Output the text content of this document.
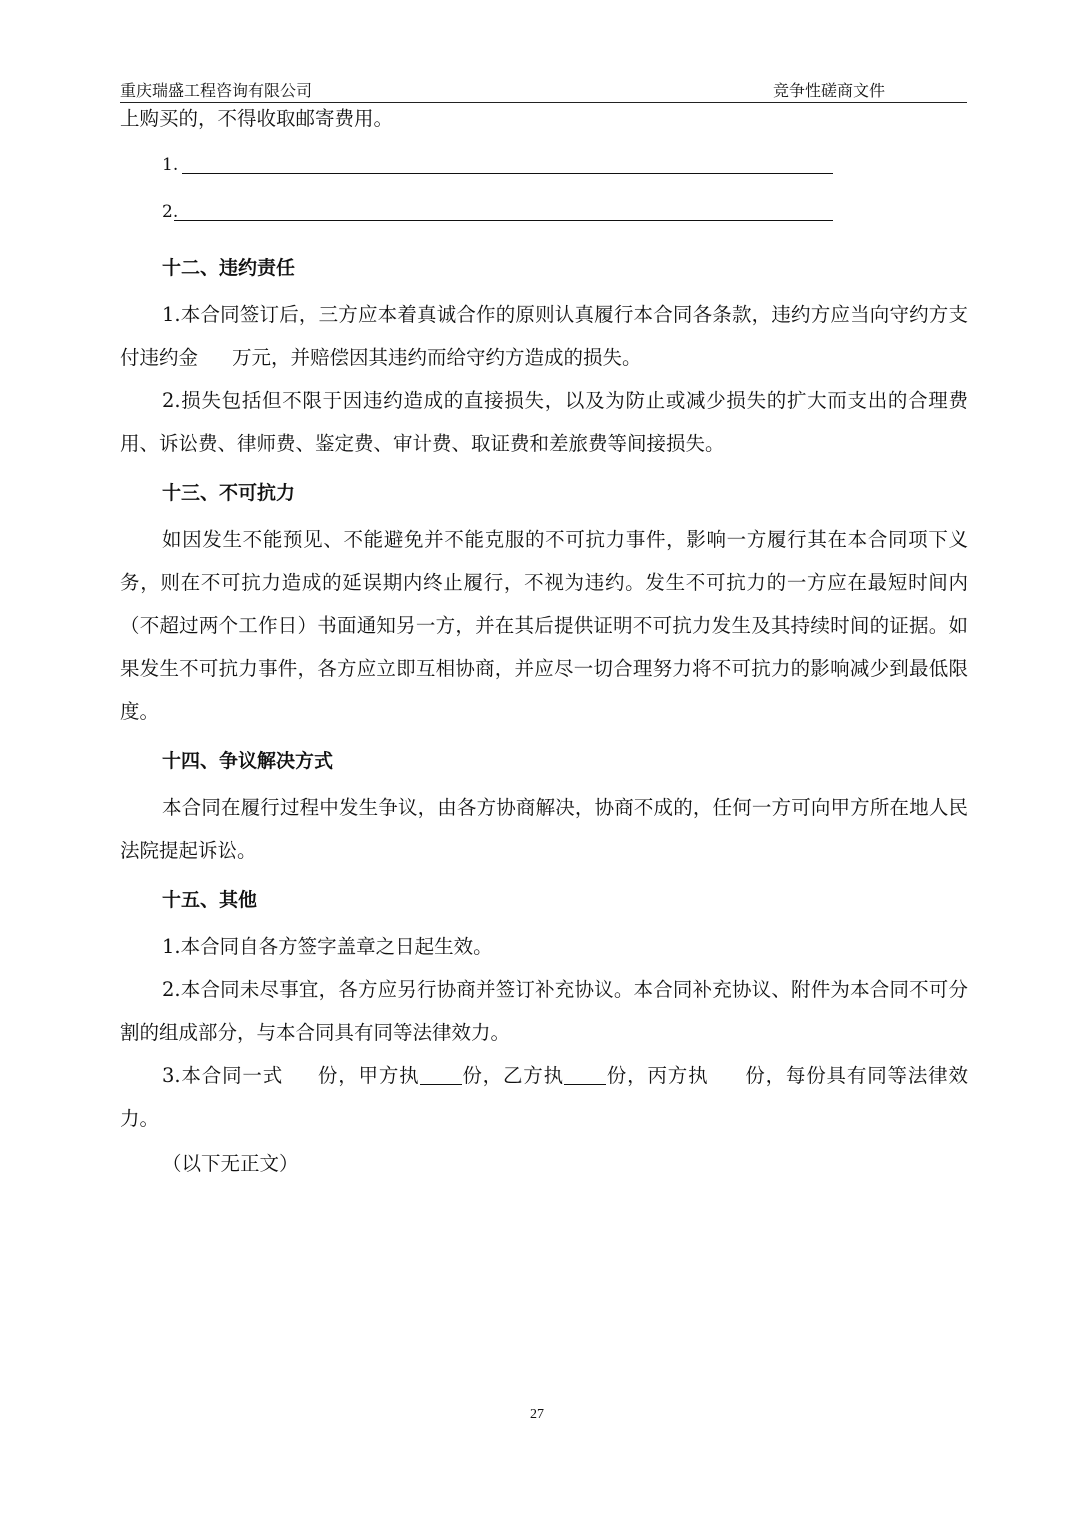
重庆瑞盛工程咨询有限公司	竞争性磋商文件

上购买的，不得收取邮寄费用。

1.
2.

十二、违约责任

1.本合同签订后，三方应本着真诚合作的原则认真履行本合同各条款，违约方应当向守约方支付违约金 万元，并赔偿因其违约而给守约方造成的损失。

2.损失包括但不限于因违约造成的直接损失，以及为防止或减少损失的扩大而支出的合理费用、诉讼费、律师费、鉴定费、审计费、取证费和差旅费等间接损失。

十三、不可抗力

如因发生不能预见、不能避免并不能克服的不可抗力事件，影响一方履行其在本合同项下义务，则在不可抗力造成的延误期内终止履行，不视为违约。发生不可抗力的一方应在最短时间内（不超过两个工作日）书面通知另一方，并在其后提供证明不可抗力发生及其持续时间的证据。如果发生不可抗力事件，各方应立即互相协商，并应尽一切合理努力将不可抗力的影响减少到最低限度。

十四、争议解决方式

本合同在履行过程中发生争议，由各方协商解决，协商不成的，任何一方可向甲方所在地人民法院提起诉讼。

十五、其他

1.本合同自各方签字盖章之日起生效。

2.本合同未尽事宜，各方应另行协商并签订补充协议。本合同补充协议、附件为本合同不可分割的组成部分，与本合同具有同等法律效力。

3.本合同一式 份，甲方执 份，乙方执 份，丙方执 份，每份具有同等法律效力。

（以下无正文）

27
